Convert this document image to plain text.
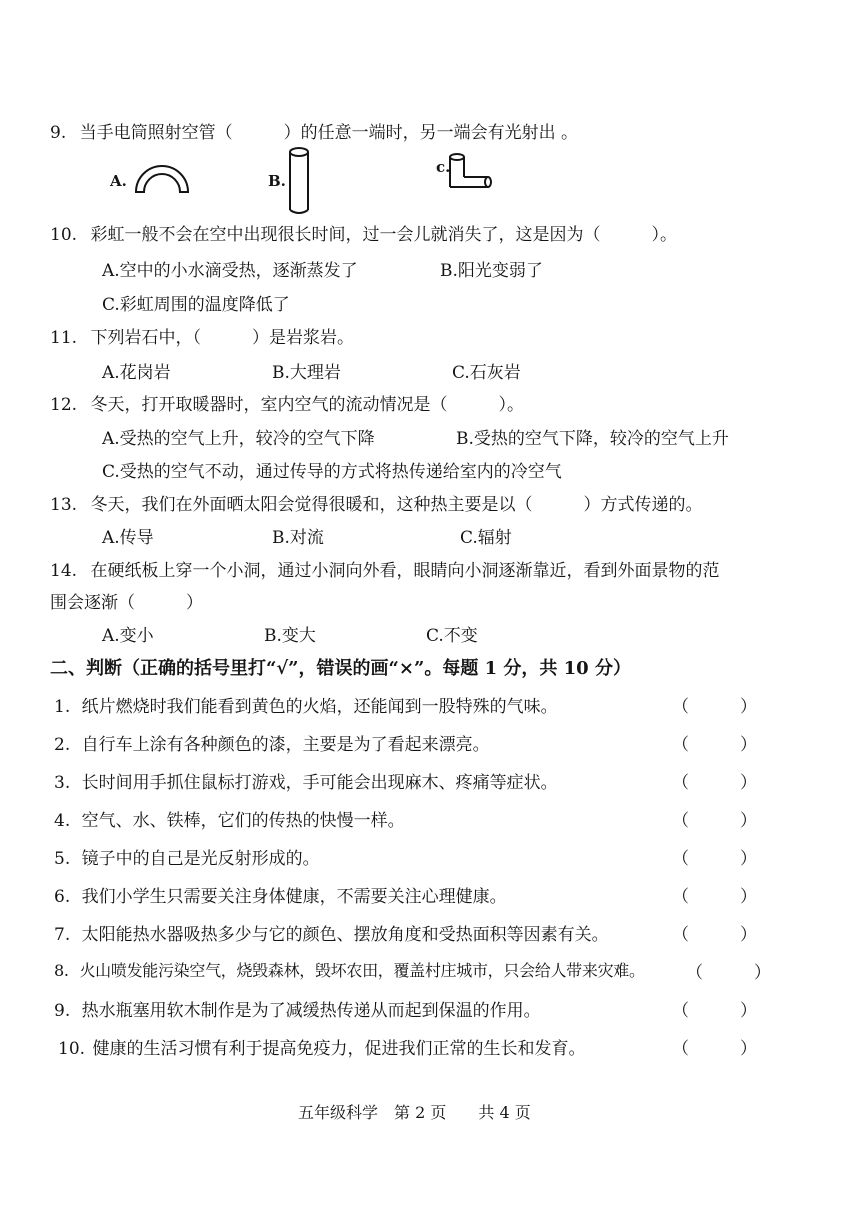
9. 当手电筒照射空管（　　　）的任意一端时，另一端会有光射出 。
A.	B.
c.
10. 彩虹一般不会在空中出现很长时间，过一会儿就消失了，这是因为（　　　）。
A.空中的小水滴受热，逐渐蒸发了	B.阳光变弱了
C.彩虹周围的温度降低了
11. 下列岩石中，（　　　）是岩浆岩。
A.花岗岩	B.大理岩	C.石灰岩
12. 冬天，打开取暖器时，室内空气的流动情况是（　　　）。
A.受热的空气上升，较冷的空气下降	B.受热的空气下降，较冷的空气上升
C.受热的空气不动，通过传导的方式将热传递给室内的冷空气
13. 冬天，我们在外面晒太阳会觉得很暖和，这种热主要是以（　　　）方式传递的。
A.传导	B.对流	C.辐射
14. 在硬纸板上穿一个小洞，通过小洞向外看，眼睛向小洞逐渐靠近，看到外面景物的范
围会逐渐（　　　）
A.变小	B.变大	C.不变
二、判断（正确的括号里打“√”，错误的画“×”。每题 1 分，共 10 分）
1. 纸片燃烧时我们能看到黄色的火焰，还能闻到一股特殊的气味。	（　　　）
2. 自行车上涂有各种颜色的漆，主要是为了看起来漂亮。	（　　　）
3. 长时间用手抓住鼠标打游戏，手可能会出现麻木、疼痛等症状。	（　　　）
4. 空气、水、铁棒，它们的传热的快慢一样。	（　　　）
5. 镜子中的自己是光反射形成的。	（　　　）
6. 我们小学生只需要关注身体健康，不需要关注心理健康。	（　　　）
7. 太阳能热水器吸热多少与它的颜色、摆放角度和受热面积等因素有关。	（　　　）
8. 火山喷发能污染空气，烧毁森林，毁坏农田，覆盖村庄城市，只会给人带来灾难。 （　　　）
9. 热水瓶塞用软木制作是为了减缓热传递从而起到保温的作用。	（　　　）
10. 健康的生活习惯有利于提高免疫力，促进我们正常的生长和发育。	（　　　）
五年级科学　第 2 页　　共 4 页
